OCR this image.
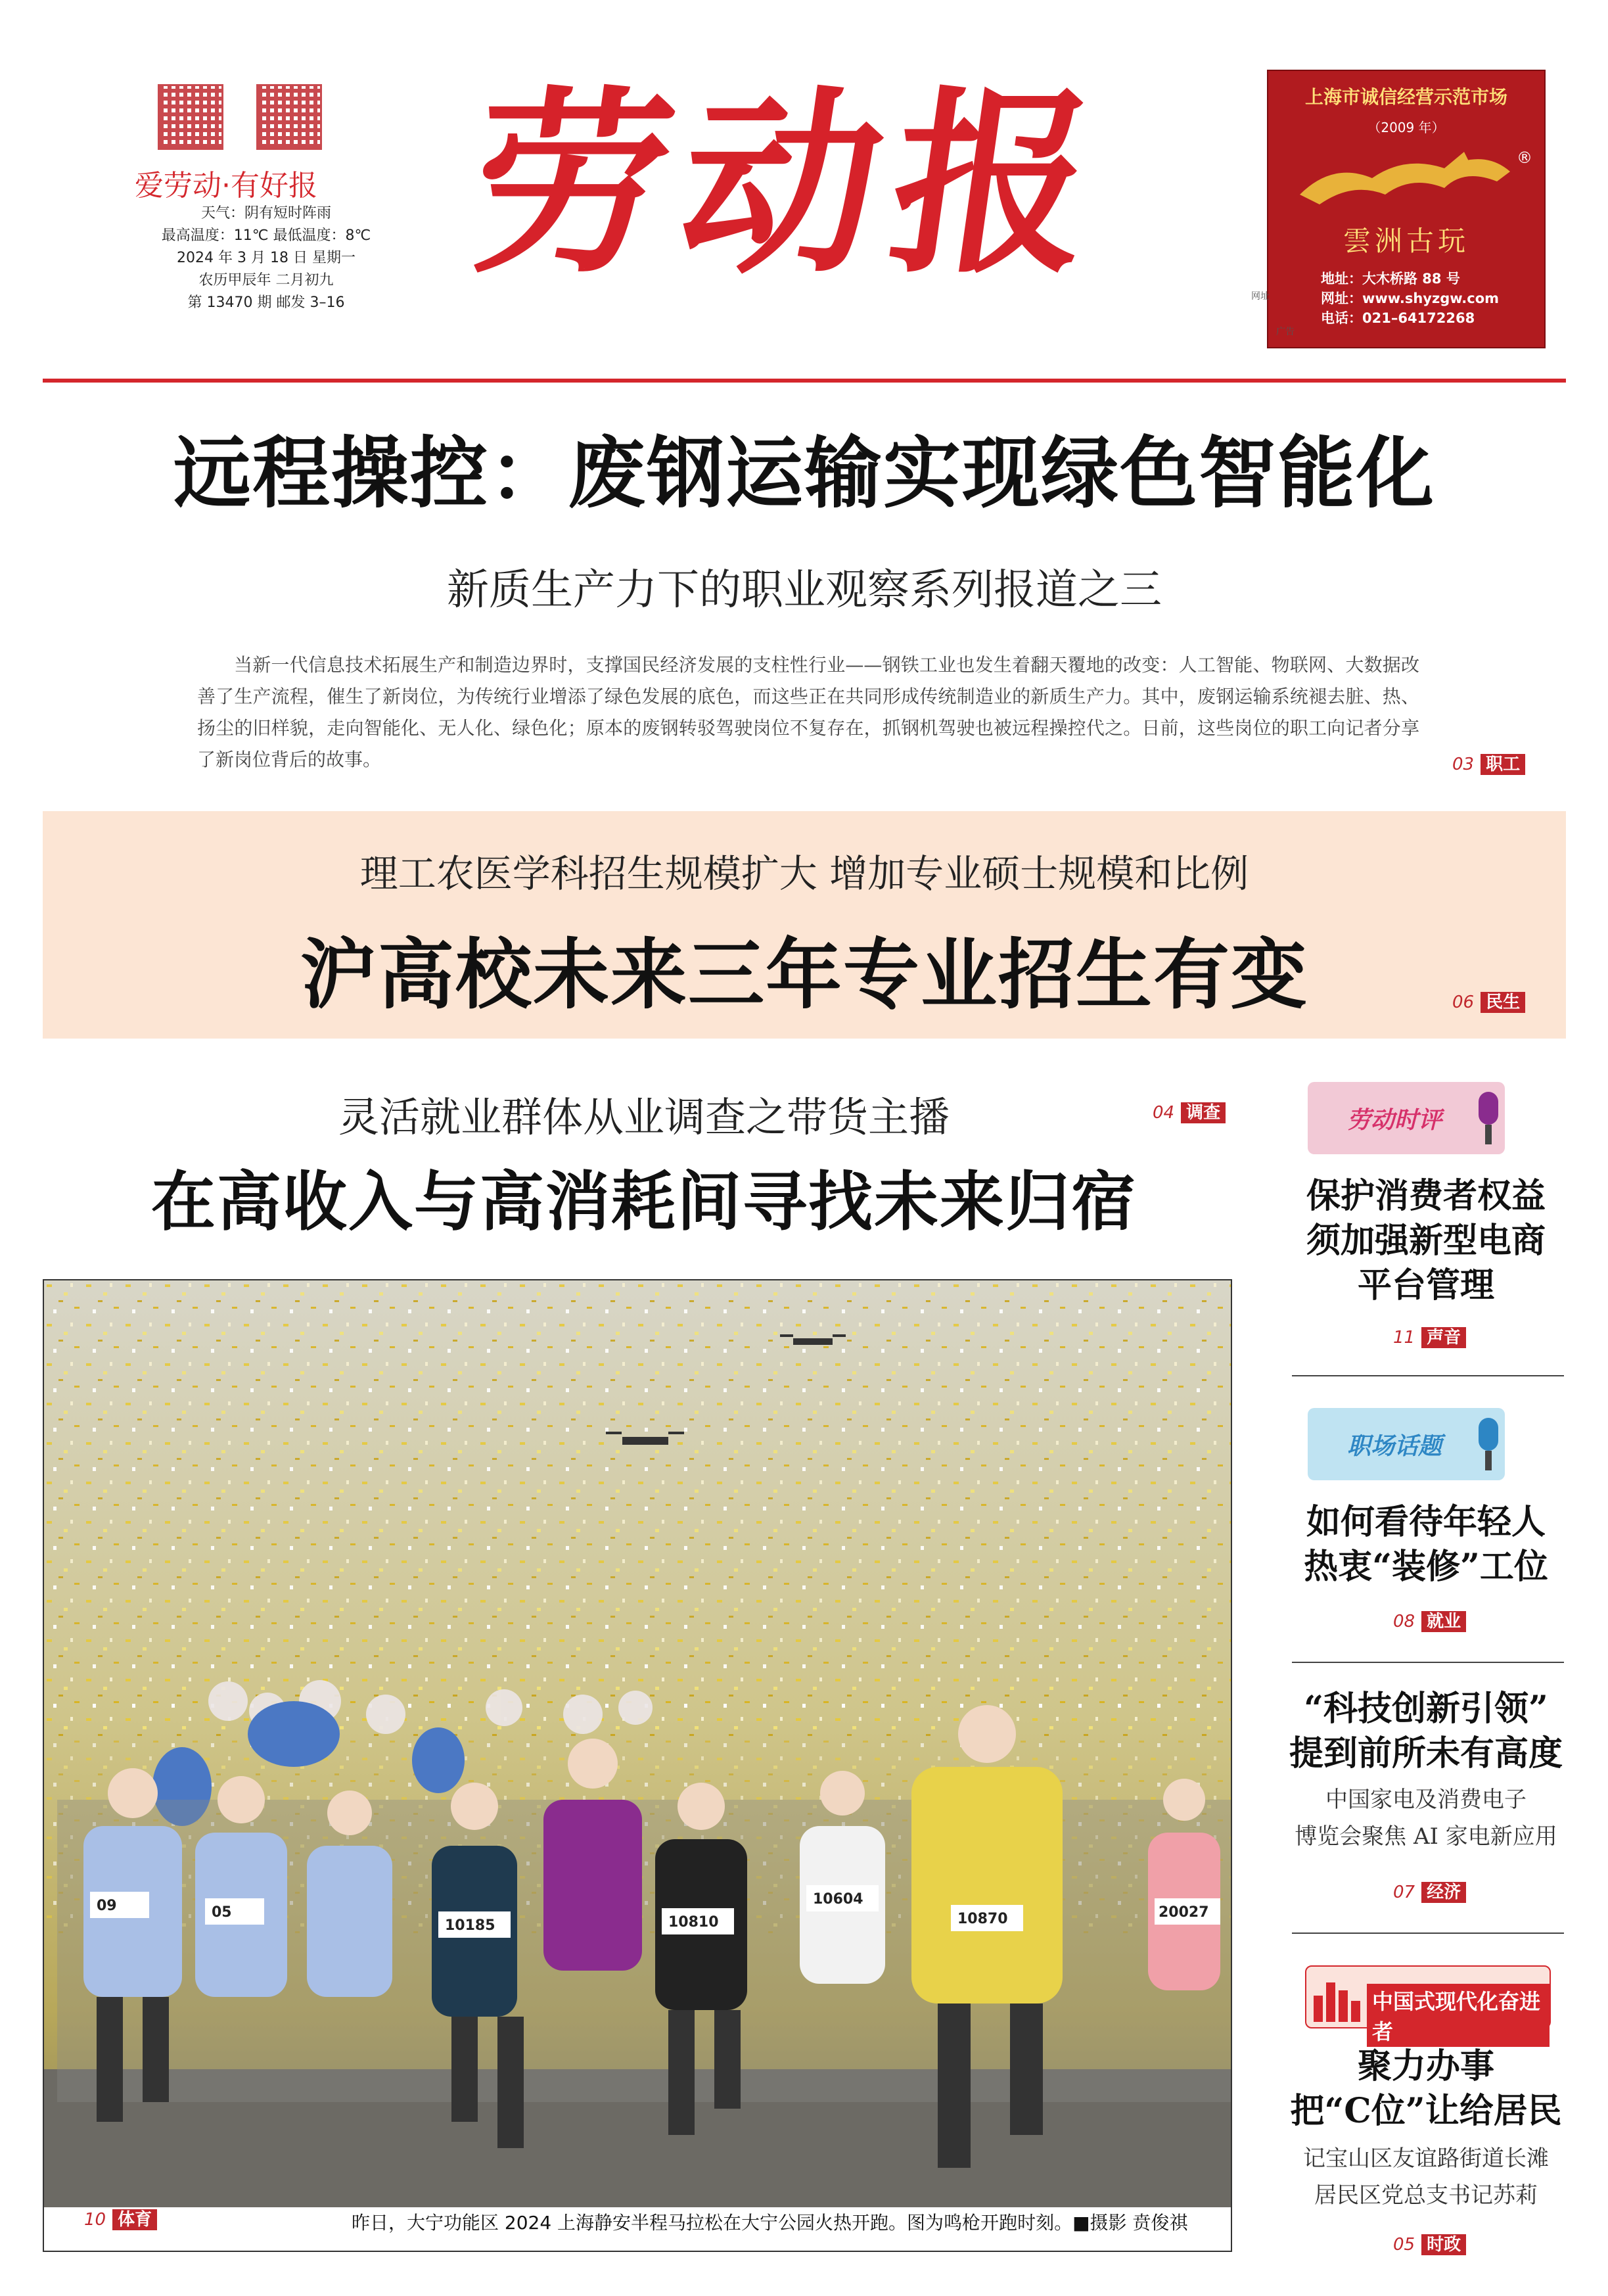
爱劳动·有好报
天气：阴有短时阵雨
最高温度：11℃ 最低温度：8℃
2024 年 3 月 18 日 星期一
农历甲辰年 二月初九
第 13470 期 邮发 3–16
劳动报	上海市诚信经营示范市场
（2009 年）
®
雲洲古玩
地址：大木桥路 88 号
网址：www.shyzgw.com
电话：021–64172268
网址
广告
远程操控：废钢运输实现绿色智能化
新质生产力下的职业观察系列报道之三
当新一代信息技术拓展生产和制造边界时，支撑国民经济发展的支柱性行业——钢铁工业也发生着翻天覆地的改变：人工智能、物联网、大数据改善了生产流程，催生了新岗位，为传统行业增添了绿色发展的底色，而这些正在共同形成传统制造业的新质生产力。其中，废钢运输系统褪去脏、热、扬尘的旧样貌，走向智能化、无人化、绿色化；原本的废钢转驳驾驶岗位不复存在，抓钢机驾驶也被远程操控代之。日前，这些岗位的职工向记者分享了新岗位背后的故事。	03 职工
理工农医学科招生规模扩大 增加专业硕士规模和比例
沪高校未来三年专业招生有变	06 民生
灵活就业群体从业调查之带货主播	04 调查
在高收入与高消耗间寻找未来归宿
09	05
10185	10810
10604
10870	20027
10 体育	昨日，大宁功能区 2024 上海静安半程马拉松在大宁公园火热开跑。图为鸣枪开跑时刻。■摄影 贲俊祺
劳动时评
保护消费者权益
须加强新型电商
平台管理
11 声音
职场话题
如何看待年轻人
热衷“装修”工位
08 就业
“科技创新引领”
提到前所未有高度
中国家电及消费电子
博览会聚焦 AI 家电新应用
07 经济
中国式现代化奋进者
聚力办事
把“C位”让给居民
记宝山区友谊路街道长滩
居民区党总支书记苏莉
05 时政
